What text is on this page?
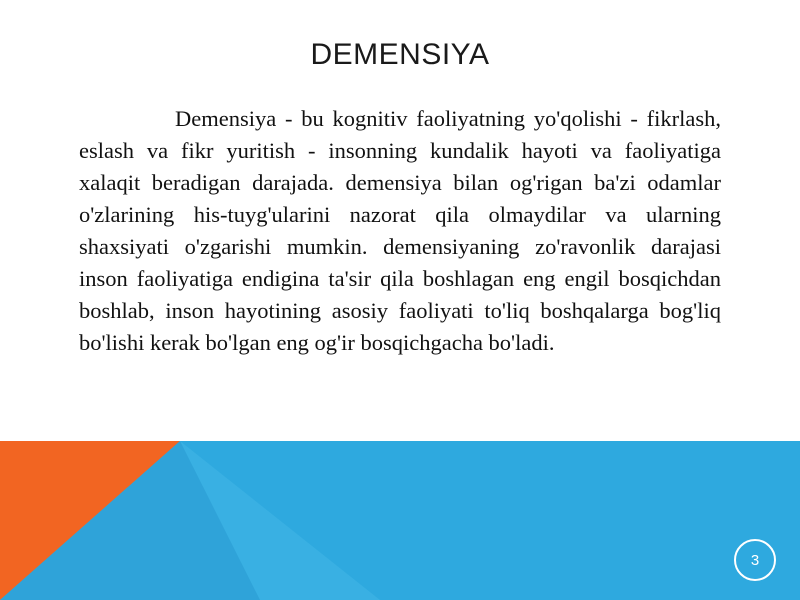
DEMENSIYA

Demensiya - bu kognitiv faoliyatning yo'qolishi - fikrlash, eslash va fikr yuritish - insonning kundalik hayoti va faoliyatiga xalaqit beradigan darajada. demensiya bilan og'rigan ba'zi odamlar o'zlarining his-tuyg'ularini nazorat qila olmaydilar va ularning shaxsiyati o'zgarishi mumkin. demensiyaning zo'ravonlik darajasi inson faoliyatiga endigina ta'sir qila boshlagan eng engil bosqichdan boshlab, inson hayotining asosiy faoliyati to'liq boshqalarga bog'liq bo'lishi kerak bo'lgan eng og'ir bosqichgacha bo'ladi.

3
